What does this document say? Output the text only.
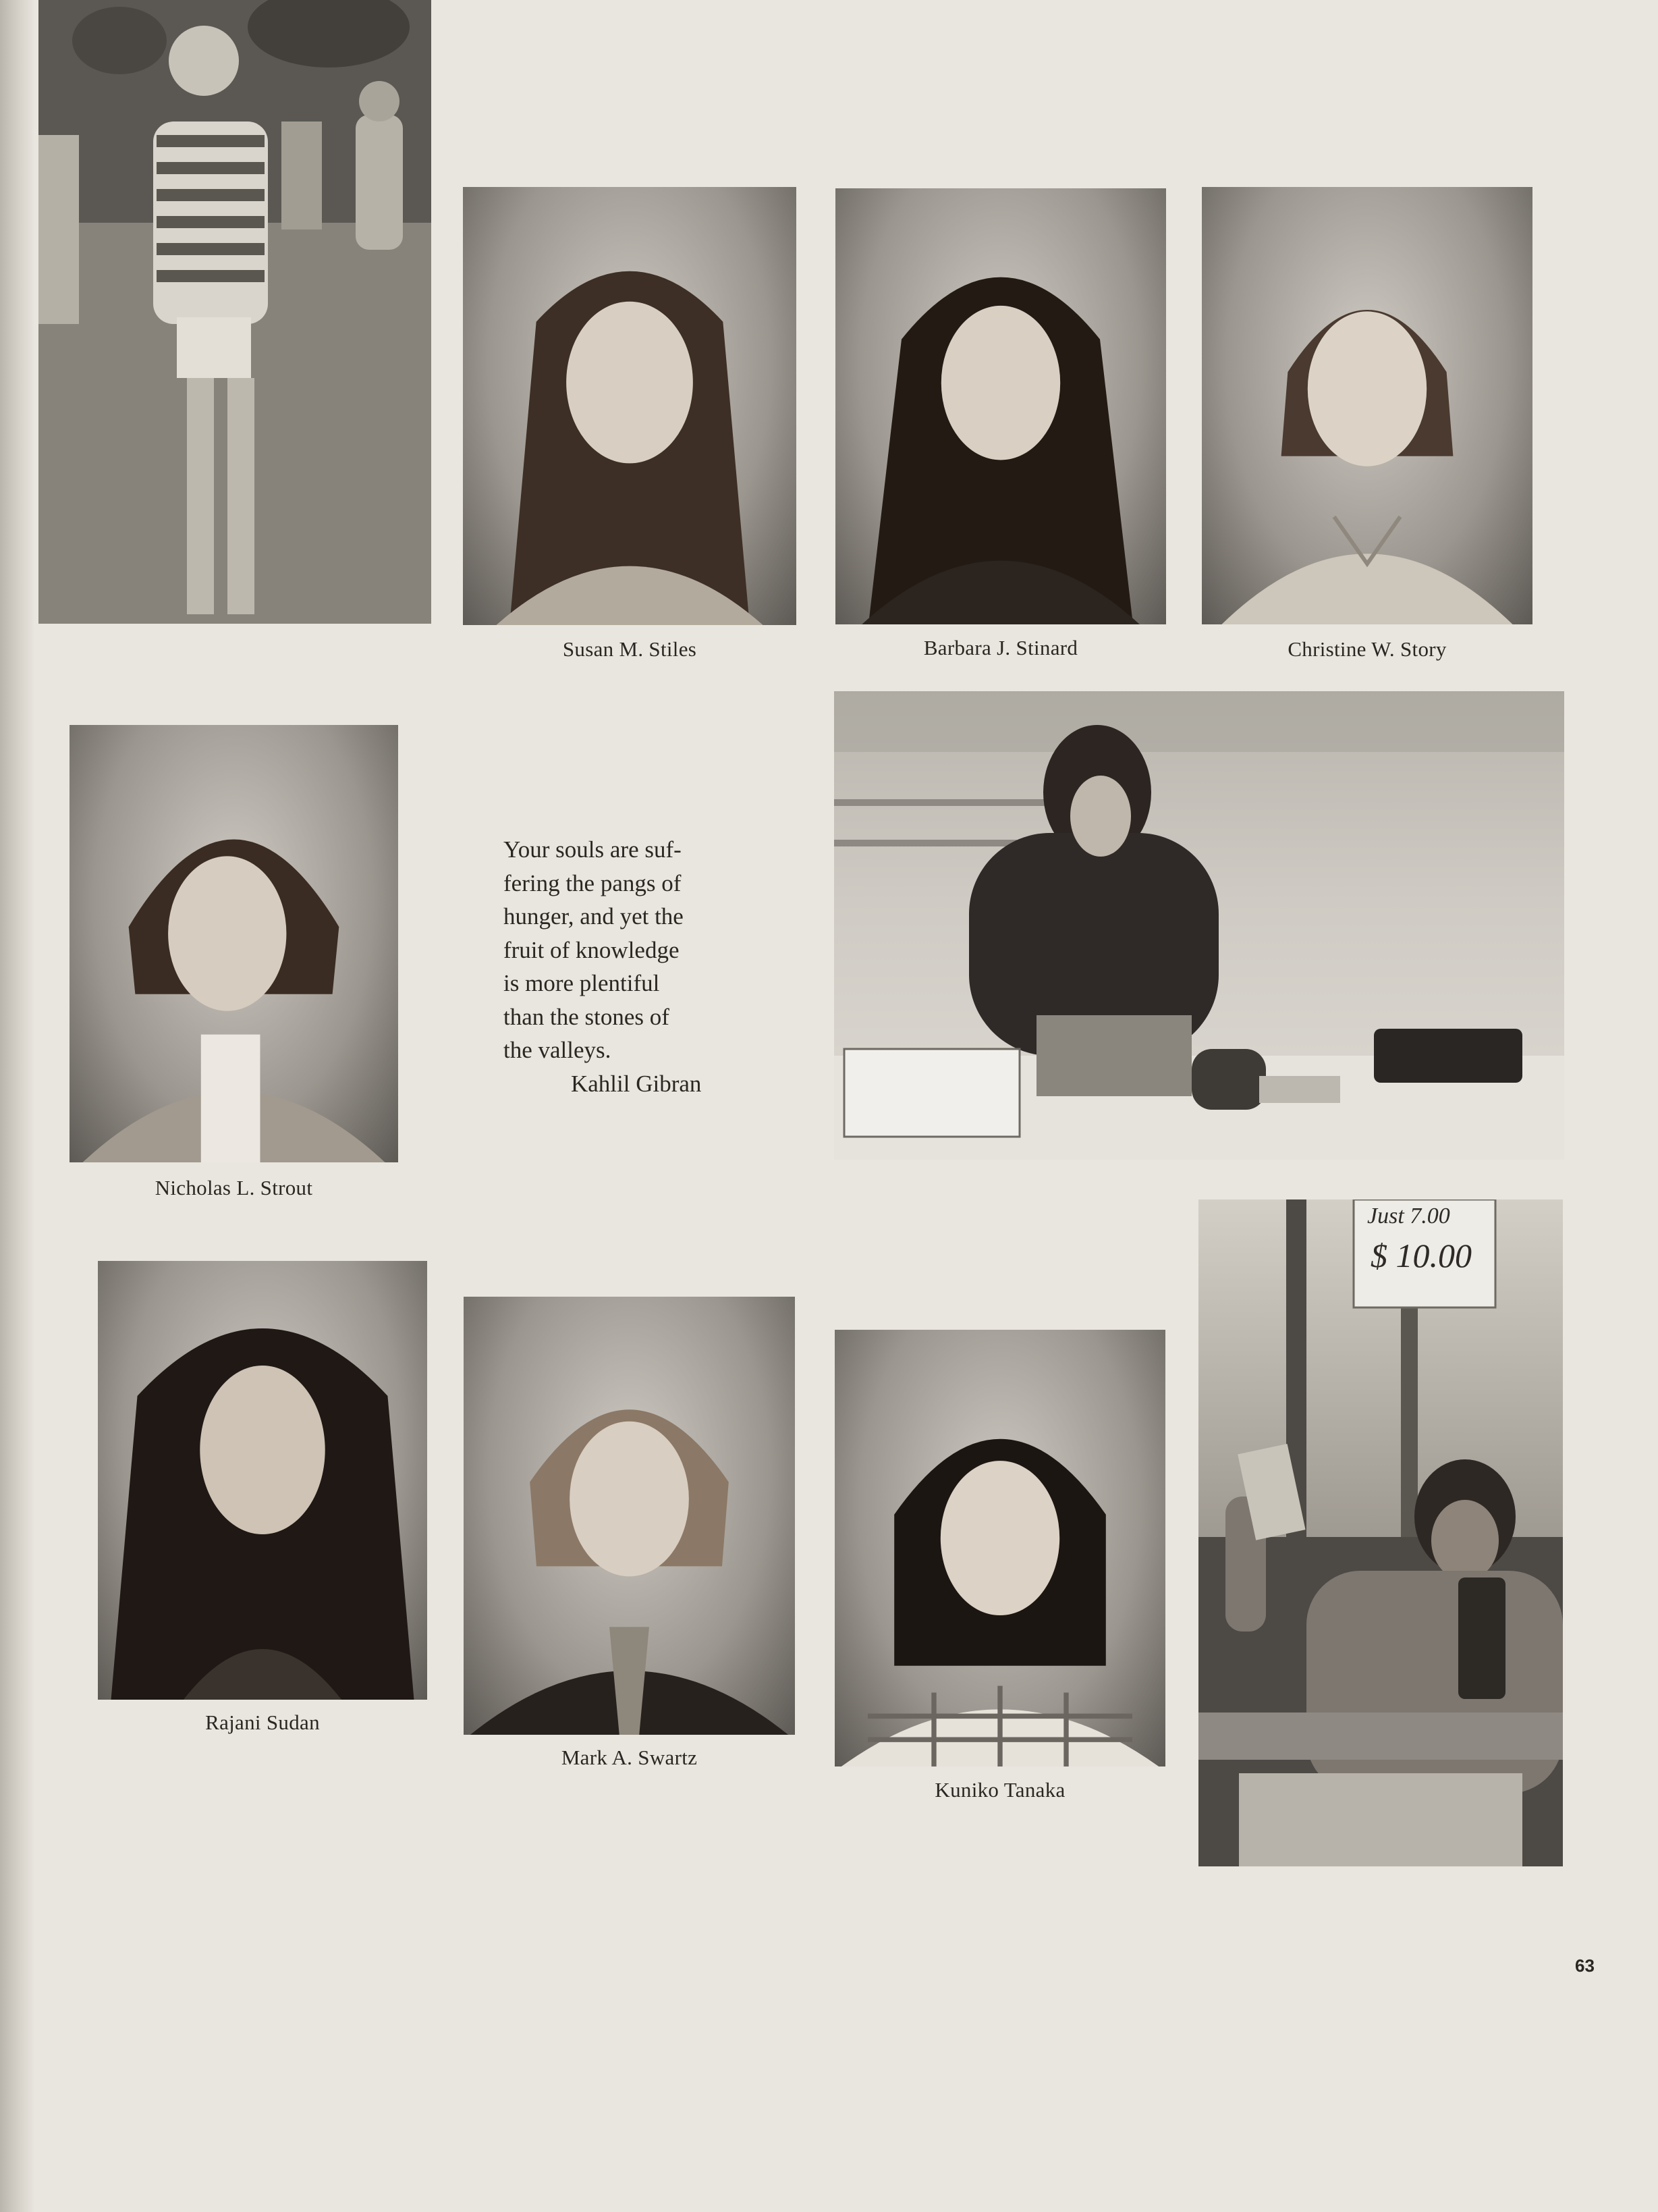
Susan M. Stiles	Barbara J. Stinard	Christine W. Story
Nicholas L. Strout
Your souls are suf-
fering the pangs of
hunger, and yet the
fruit of knowledge
is more plentiful
than the stones of
the valleys.
Kahlil Gibran
Rajani Sudan
Mark A. Swartz
Kuniko Tanaka
Just 7.00
$ 10.00
63
